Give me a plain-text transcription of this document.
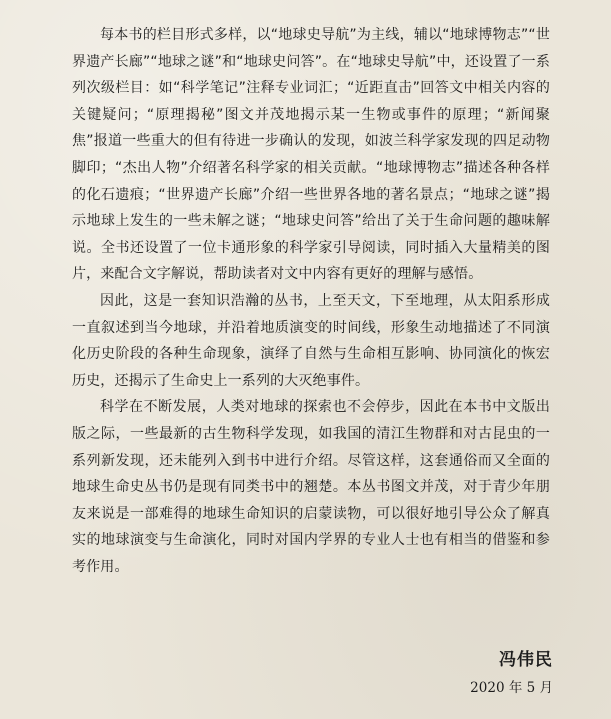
每本书的栏目形式多样，以“地球史导航”为主线，辅以“地球博物志”“世界遗产长廊”“地球之谜”和“地球史问答”。在“地球史导航”中，还设置了一系列次级栏目：如“科学笔记”注释专业词汇；“近距直击”回答文中相关内容的关键疑问；“原理揭秘”图文并茂地揭示某一生物或事件的原理；“新闻聚焦”报道一些重大的但有待进一步确认的发现，如波兰科学家发现的四足动物脚印；“杰出人物”介绍著名科学家的相关贡献。“地球博物志”描述各种各样的化石遗痕；“世界遗产长廊”介绍一些世界各地的著名景点；“地球之谜”揭示地球上发生的一些未解之谜；“地球史问答”给出了关于生命问题的趣味解说。全书还设置了一位卡通形象的科学家引导阅读，同时插入大量精美的图片，来配合文字解说，帮助读者对文中内容有更好的理解与感悟。

因此，这是一套知识浩瀚的丛书，上至天文，下至地理，从太阳系形成一直叙述到当今地球，并沿着地质演变的时间线，形象生动地描述了不同演化历史阶段的各种生命现象，演绎了自然与生命相互影响、协同演化的恢宏历史，还揭示了生命史上一系列的大灭绝事件。

科学在不断发展，人类对地球的探索也不会停步，因此在本书中文版出版之际，一些最新的古生物科学发现，如我国的清江生物群和对古昆虫的一系列新发现，还未能列入到书中进行介绍。尽管这样，这套通俗而又全面的地球生命史丛书仍是现有同类书中的翘楚。本丛书图文并茂，对于青少年朋友来说是一部难得的地球生命知识的启蒙读物，可以很好地引导公众了解真实的地球演变与生命演化，同时对国内学界的专业人士也有相当的借鉴和参考作用。

冯伟民
2020 年 5 月
